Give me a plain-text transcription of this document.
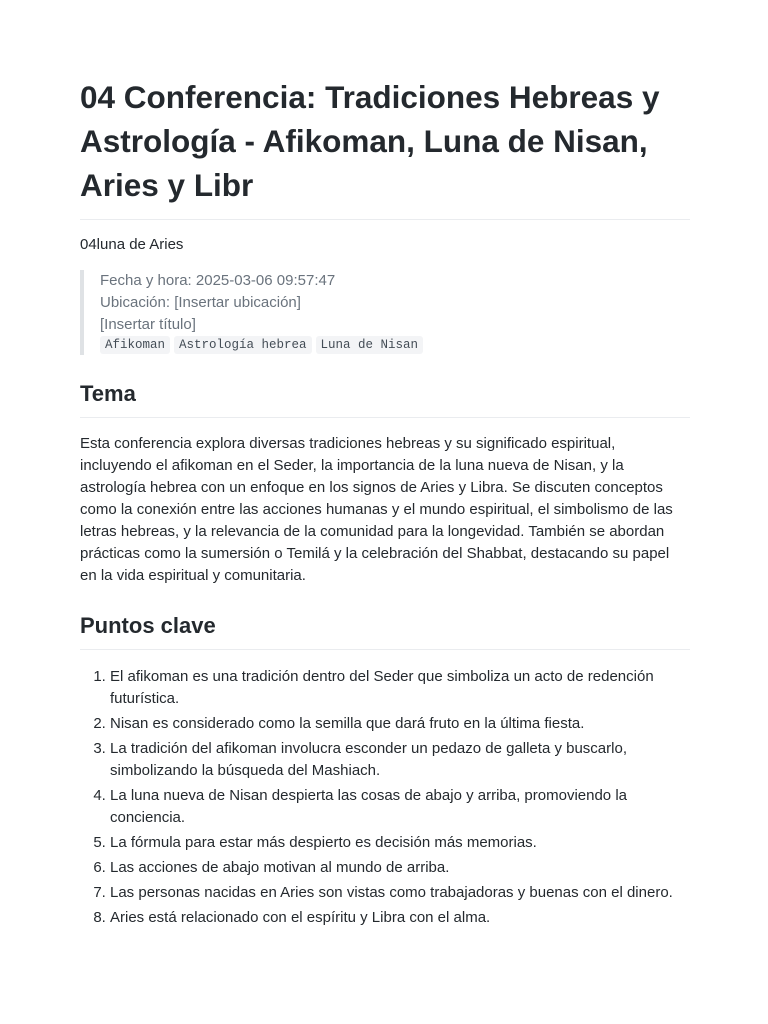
04 Conferencia: Tradiciones Hebreas y Astrología - Afikoman, Luna de Nisan, Aries y Libr
04luna de Aries
Fecha y hora: 2025-03-06 09:57:47
Ubicación: [Insertar ubicación]
[Insertar título]
Afikoman	Astrología hebrea	Luna de Nisan
Tema

Esta conferencia explora diversas tradiciones hebreas y su significado espiritual, incluyendo el afikoman en el Seder, la importancia de la luna nueva de Nisan, y la astrología hebrea con un enfoque en los signos de Aries y Libra. Se discuten conceptos como la conexión entre las acciones humanas y el mundo espiritual, el simbolismo de las letras hebreas, y la relevancia de la comunidad para la longevidad. También se abordan prácticas como la sumersión o Temilá y la celebración del Shabbat, destacando su papel en la vida espiritual y comunitaria.

Puntos clave
1. El afikoman es una tradición dentro del Seder que simboliza un acto de redención futurística.
2. Nisan es considerado como la semilla que dará fruto en la última fiesta.
3. La tradición del afikoman involucra esconder un pedazo de galleta y buscarlo, simbolizando la búsqueda del Mashiach.
4. La luna nueva de Nisan despierta las cosas de abajo y arriba, promoviendo la conciencia.
5. La fórmula para estar más despierto es decisión más memorias.
6. Las acciones de abajo motivan al mundo de arriba.
7. Las personas nacidas en Aries son vistas como trabajadoras y buenas con el dinero.
8. Aries está relacionado con el espíritu y Libra con el alma.
